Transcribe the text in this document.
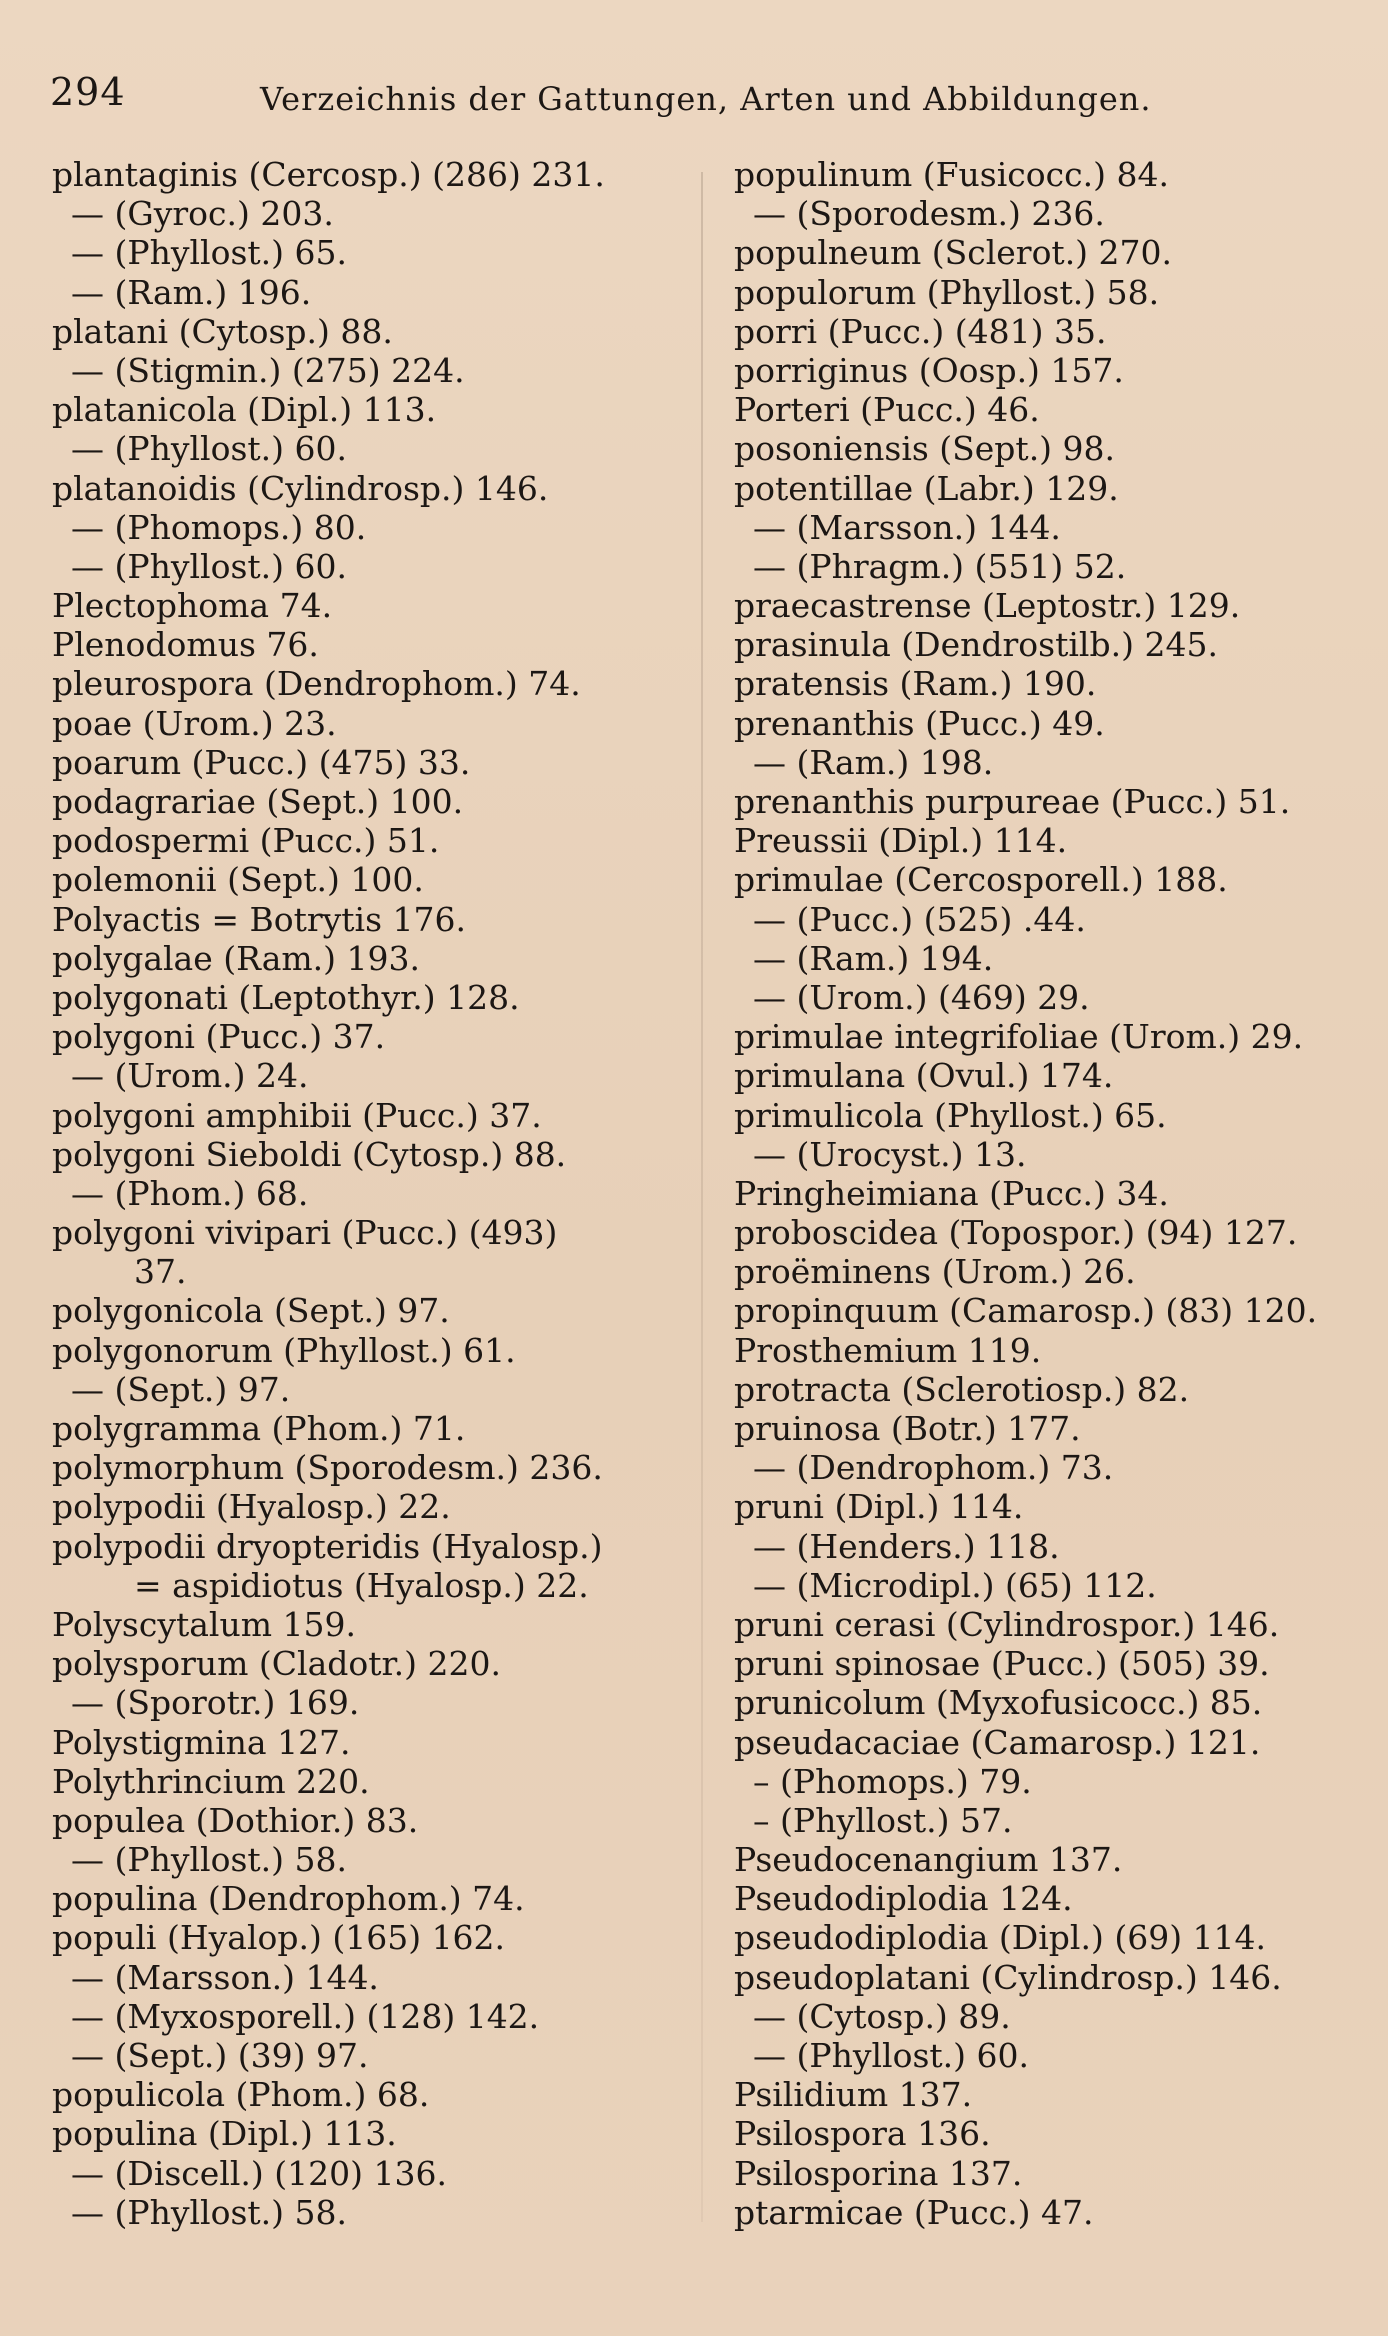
294	Verzeichnis der Gattungen, Arten und Abbildungen.
plantaginis (Cercosp.) (286) 231.
— (Gyroc.) 203.
— (Phyllost.) 65.
— (Ram.) 196.
platani (Cytosp.) 88.
— (Stigmin.) (275) 224.
platanicola (Dipl.) 113.
— (Phyllost.) 60.
platanoidis (Cylindrosp.) 146.
— (Phomops.) 80.
— (Phyllost.) 60.
Plectophoma 74.
Plenodomus 76.
pleurospora (Dendrophom.) 74.
poae (Urom.) 23.
poarum (Pucc.) (475) 33.
podagrariae (Sept.) 100.
podospermi (Pucc.) 51.
polemonii (Sept.) 100.
Polyactis = Botrytis 176.
polygalae (Ram.) 193.
polygonati (Leptothyr.) 128.
polygoni (Pucc.) 37.
— (Urom.) 24.
polygoni amphibii (Pucc.) 37.
polygoni Sieboldi (Cytosp.) 88.
— (Phom.) 68.
polygoni vivipari (Pucc.) (493)
37.
polygonicola (Sept.) 97.
polygonorum (Phyllost.) 61.
— (Sept.) 97.
polygramma (Phom.) 71.
polymorphum (Sporodesm.) 236.
polypodii (Hyalosp.) 22.
polypodii dryopteridis (Hyalosp.)
= aspidiotus (Hyalosp.) 22.
Polyscytalum 159.
polysporum (Cladotr.) 220.
— (Sporotr.) 169.
Polystigmina 127.
Polythrincium 220.
populea (Dothior.) 83.
— (Phyllost.) 58.
populina (Dendrophom.) 74.
populi (Hyalop.) (165) 162.
— (Marsson.) 144.
— (Myxosporell.) (128) 142.
— (Sept.) (39) 97.
populicola (Phom.) 68.
populina (Dipl.) 113.
— (Discell.) (120) 136.
— (Phyllost.) 58.
populinum (Fusicocc.) 84.
— (Sporodesm.) 236.
populneum (Sclerot.) 270.
populorum (Phyllost.) 58.
porri (Pucc.) (481) 35.
porriginus (Oosp.) 157.
Porteri (Pucc.) 46.
posoniensis (Sept.) 98.
potentillae (Labr.) 129.
— (Marsson.) 144.
— (Phragm.) (551) 52.
praecastrense (Leptostr.) 129.
prasinula (Dendrostilb.) 245.
pratensis (Ram.) 190.
prenanthis (Pucc.) 49.
— (Ram.) 198.
prenanthis purpureae (Pucc.) 51.
Preussii (Dipl.) 114.
primulae (Cercosporell.) 188.
— (Pucc.) (525) .44.
— (Ram.) 194.
— (Urom.) (469) 29.
primulae integrifoliae (Urom.) 29.
primulana (Ovul.) 174.
primulicola (Phyllost.) 65.
— (Urocyst.) 13.
Pringheimiana (Pucc.) 34.
proboscidea (Topospor.) (94) 127.
proëminens (Urom.) 26.
propinquum (Camarosp.) (83) 120.
Prosthemium 119.
protracta (Sclerotiosp.) 82.
pruinosa (Botr.) 177.
— (Dendrophom.) 73.
pruni (Dipl.) 114.
— (Henders.) 118.
— (Microdipl.) (65) 112.
pruni cerasi (Cylindrospor.) 146.
pruni spinosae (Pucc.) (505) 39.
prunicolum (Myxofusicocc.) 85.
pseudacaciae (Camarosp.) 121.
– (Phomops.) 79.
– (Phyllost.) 57.
Pseudocenangium 137.
Pseudodiplodia 124.
pseudodiplodia (Dipl.) (69) 114.
pseudoplatani (Cylindrosp.) 146.
— (Cytosp.) 89.
— (Phyllost.) 60.
Psilidium 137.
Psilospora 136.
Psilosporina 137.
ptarmicae (Pucc.) 47.
